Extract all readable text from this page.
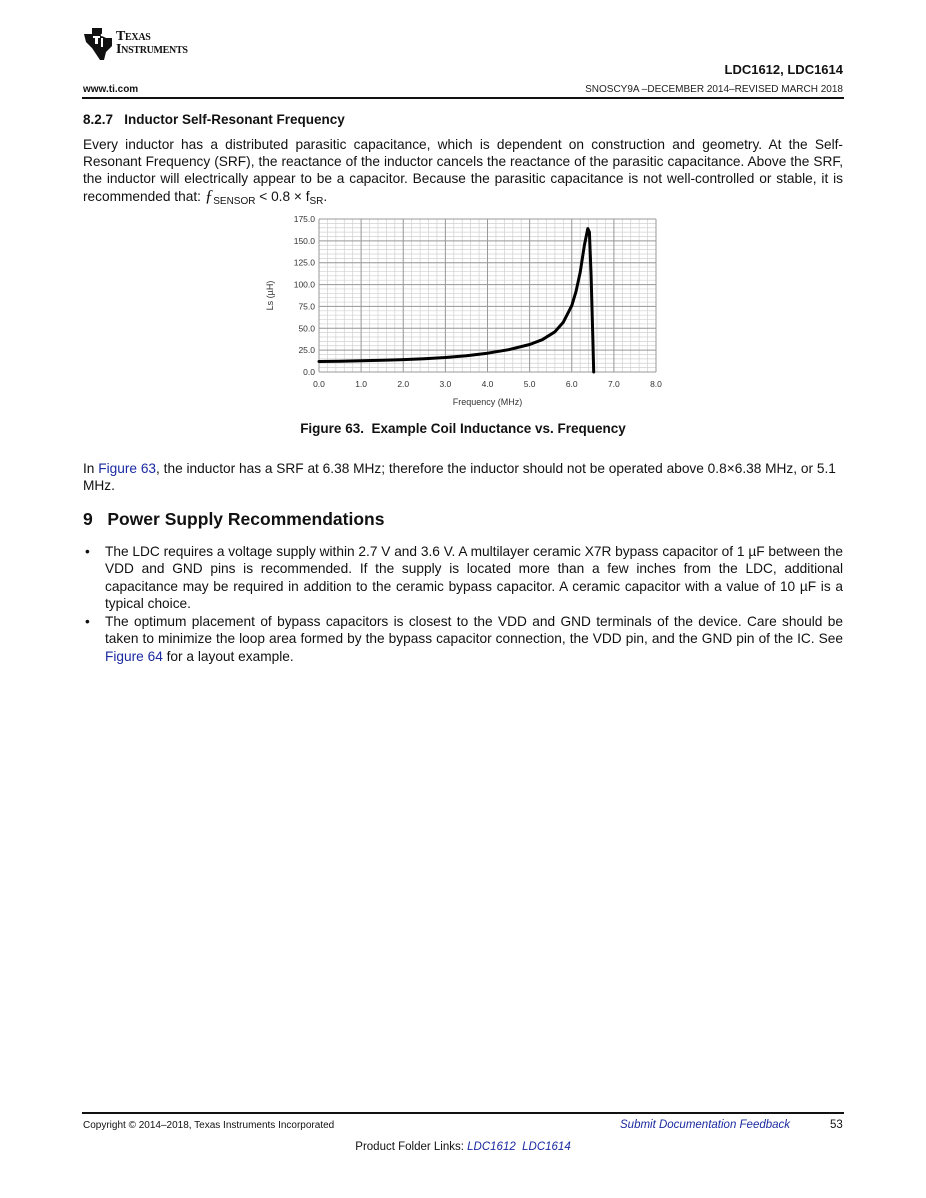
Texas
Instruments
LDC1612, LDC1614
www.ti.com	SNOSCY9A –DECEMBER 2014–REVISED MARCH 2018
8.2.7   Inductor Self-Resonant Frequency
Every inductor has a distributed parasitic capacitance, which is dependent on construction and geometry. At the Self-Resonant Frequency (SRF), the reactance of the inductor cancels the reactance of the parasitic capacitance. Above the SRF, the inductor will electrically appear to be a capacitor. Because the parasitic capacitance is not well-controlled or stable, it is recommended that: $ƒ_{SENSOR} < 0.8 \times f_{SR}$.
0.0	1.0	2.0	3.0	4.0	5.0	6.0	7.0	8.0
0.0
25.0
50.0
75.0
100.0
125.0
150.0
175.0
Frequency (MHz)
Ls (µH)
Figure 63.  Example Coil Inductance vs. Frequency
In Figure 63, the inductor has a SRF at 6.38 MHz; therefore the inductor should not be operated above 0.8×6.38 MHz, or 5.1 MHz.
9   Power Supply Recommendations
• The LDC requires a voltage supply within 2.7 V and 3.6 V. A multilayer ceramic X7R bypass capacitor of 1 µF between the VDD and GND pins is recommended. If the supply is located more than a few inches from the LDC, additional capacitance may be required in addition to the ceramic bypass capacitor. A ceramic capacitor with a value of 10 µF is a typical choice.
• The optimum placement of bypass capacitors is closest to the VDD and GND terminals of the device. Care should be taken to minimize the loop area formed by the bypass capacitor connection, the VDD pin, and the GND pin of the IC. See Figure 64 for a layout example.
Copyright © 2014–2018, Texas Instruments Incorporated	Submit Documentation Feedback	53
Product Folder Links: LDC1612 LDC1614
